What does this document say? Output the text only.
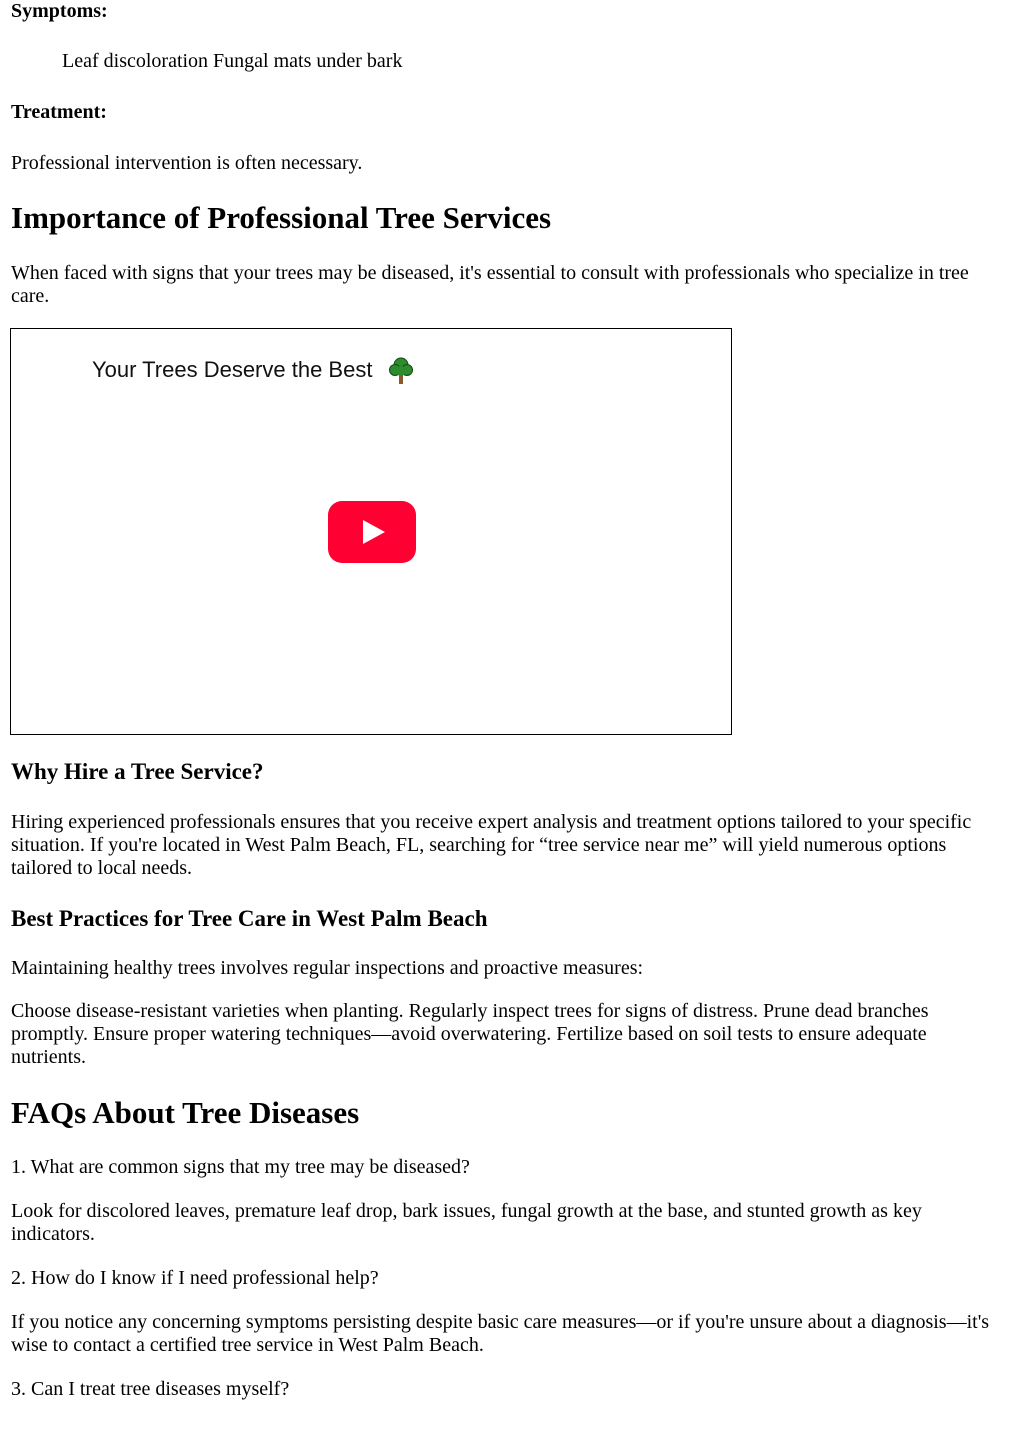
Symptoms:

Leaf discoloration Fungal mats under bark

Treatment:

Professional intervention is often necessary.

Importance of Professional Tree Services

When faced with signs that your trees may be diseased, it's essential to consult with professionals who specialize in tree care.

Your Trees Deserve the Best
Why Hire a Tree Service?

Hiring experienced professionals ensures that you receive expert analysis and treatment options tailored to your specific situation. If you're located in West Palm Beach, FL, searching for “tree service near me” will yield numerous options tailored to local needs.

Best Practices for Tree Care in West Palm Beach

Maintaining healthy trees involves regular inspections and proactive measures:

Choose disease-resistant varieties when planting. Regularly inspect trees for signs of distress. Prune dead branches promptly. Ensure proper watering techniques—avoid overwatering. Fertilize based on soil tests to ensure adequate nutrients.

FAQs About Tree Diseases

1. What are common signs that my tree may be diseased?

Look for discolored leaves, premature leaf drop, bark issues, fungal growth at the base, and stunted growth as key indicators.

2. How do I know if I need professional help?

If you notice any concerning symptoms persisting despite basic care measures—or if you're unsure about a diagnosis—it's wise to contact a certified tree service in West Palm Beach.

3. Can I treat tree diseases myself?
